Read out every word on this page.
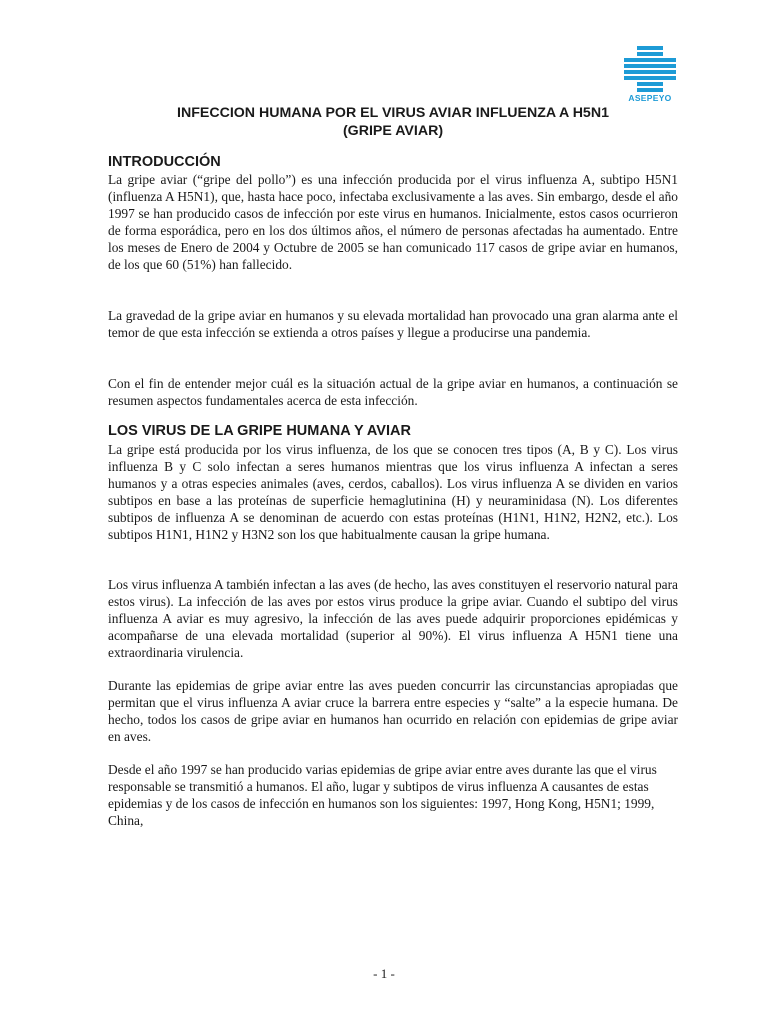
ASEPEYO
INFECCION HUMANA POR EL VIRUS AVIAR INFLUENZA A H5N1
(GRIPE AVIAR)
INTRODUCCIÓN

La gripe aviar (“gripe del pollo”) es una infección producida por el virus influenza A, subtipo H5N1 (influenza A H5N1), que, hasta hace poco, infectaba exclusivamente a las aves. Sin embargo, desde el año 1997 se han producido casos de infección por este virus en humanos. Inicialmente, estos casos ocurrieron de forma esporádica, pero en los dos últimos años, el número de personas afectadas ha aumentado. Entre los meses de Enero de 2004 y Octubre de 2005 se han comunicado 117 casos de gripe aviar en humanos, de los que 60 (51%) han fallecido.

La gravedad de la gripe aviar en humanos y su elevada mortalidad han provocado una gran alarma ante el temor de que esta infección se extienda a otros países y llegue a producirse una pandemia.

Con el fin de entender mejor cuál es la situación actual de la gripe aviar en humanos, a continuación se resumen aspectos fundamentales acerca de esta infección.

LOS VIRUS DE LA GRIPE HUMANA Y AVIAR

La gripe está producida por los virus influenza, de los que se conocen tres tipos (A, B y C). Los virus influenza B y C solo infectan a seres humanos mientras que los virus influenza A infectan a seres humanos y a otras especies animales (aves, cerdos, caballos). Los virus influenza A se dividen en varios subtipos en base a las proteínas de superficie hemaglutinina (H) y neuraminidasa (N). Los diferentes subtipos de influenza A se denominan de acuerdo con estas proteínas (H1N1, H1N2, H2N2, etc.). Los subtipos H1N1, H1N2 y H3N2 son los que habitualmente causan la gripe humana.

Los virus influenza A también infectan a las aves (de hecho, las aves constituyen el reservorio natural para estos virus). La infección de las aves por estos virus produce la gripe aviar. Cuando el subtipo del virus influenza A aviar es muy agresivo, la infección de las aves puede adquirir proporciones epidémicas y acompañarse de una elevada mortalidad (superior al 90%). El virus influenza A H5N1 tiene una extraordinaria virulencia.

Durante las epidemias de gripe aviar entre las aves pueden concurrir las circunstancias apropiadas que permitan que el virus influenza A aviar cruce la barrera entre especies y “salte” a la especie humana. De hecho, todos los casos de gripe aviar en humanos han ocurrido en relación con epidemias de gripe aviar en aves.

Desde el año 1997 se han producido varias epidemias de gripe aviar entre aves durante las que el virus responsable se transmitió a humanos. El año, lugar y subtipos de virus influenza A causantes de estas epidemias y de los casos de infección en humanos son los siguientes: 1997, Hong Kong, H5N1; 1999, China,

- 1 -
